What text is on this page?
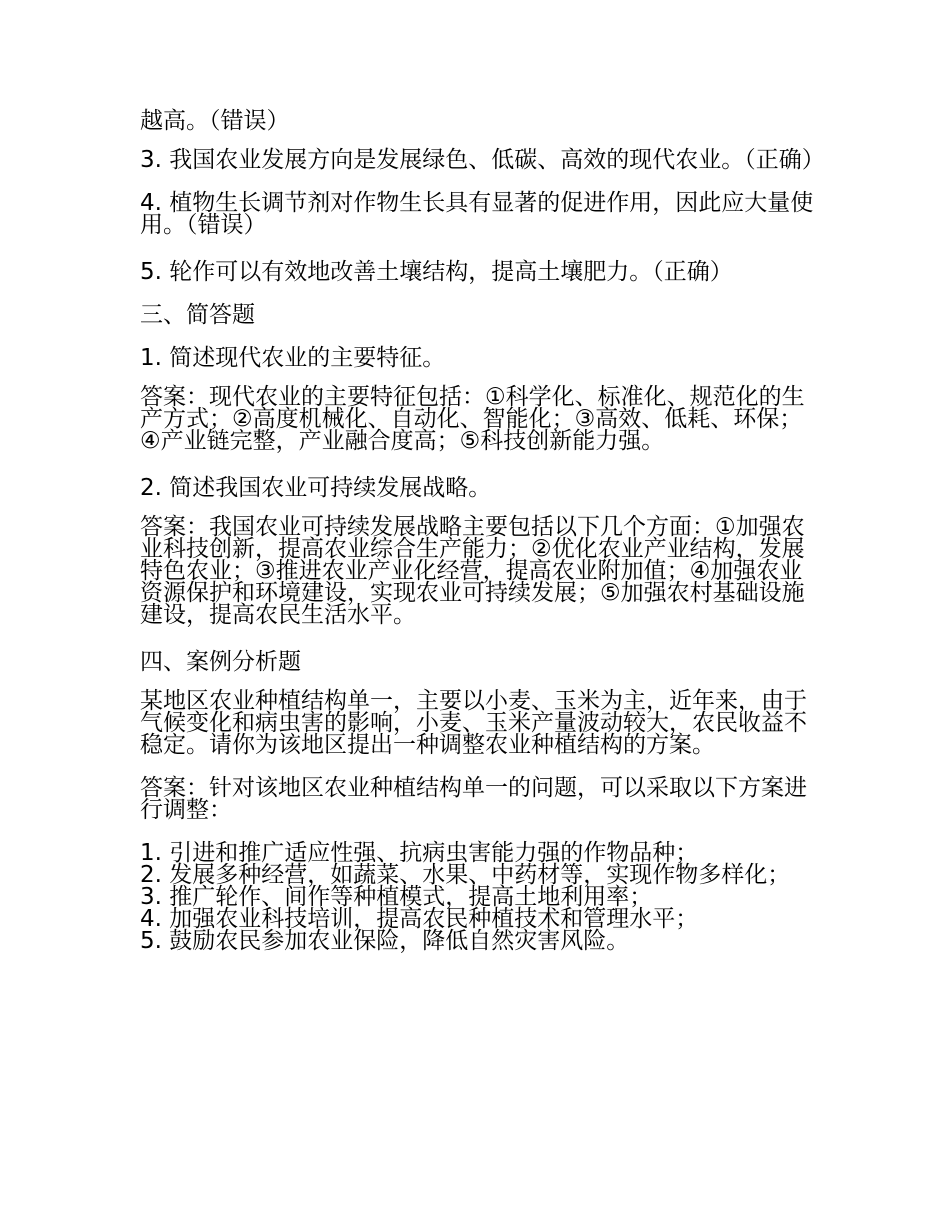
越高。（错误）

3. 我国农业发展方向是发展绿色、低碳、高效的现代农业。（正确）

4. 植物生长调节剂对作物生长具有显著的促进作用，因此应大量使用。（错误）

5. 轮作可以有效地改善土壤结构，提高土壤肥力。（正确）

三、简答题

1. 简述现代农业的主要特征。

答案：现代农业的主要特征包括：①科学化、标准化、规范化的生产方式；②高度机械化、自动化、智能化；③高效、低耗、环保；④产业链完整，产业融合度高；⑤科技创新能力强。

2. 简述我国农业可持续发展战略。

答案：我国农业可持续发展战略主要包括以下几个方面：①加强农业科技创新，提高农业综合生产能力；②优化农业产业结构，发展特色农业；③推进农业产业化经营，提高农业附加值；④加强农业资源保护和环境建设，实现农业可持续发展；⑤加强农村基础设施建设，提高农民生活水平。

四、案例分析题

某地区农业种植结构单一，主要以小麦、玉米为主，近年来，由于气候变化和病虫害的影响，小麦、玉米产量波动较大，农民收益不稳定。请你为该地区提出一种调整农业种植结构的方案。

答案：针对该地区农业种植结构单一的问题，可以采取以下方案进行调整：

1. 引进和推广适应性强、抗病虫害能力强的作物品种；
2. 发展多种经营，如蔬菜、水果、中药材等，实现作物多样化；
3. 推广轮作、间作等种植模式，提高土地利用率；
4. 加强农业科技培训，提高农民种植技术和管理水平；
5. 鼓励农民参加农业保险，降低自然灾害风险。
